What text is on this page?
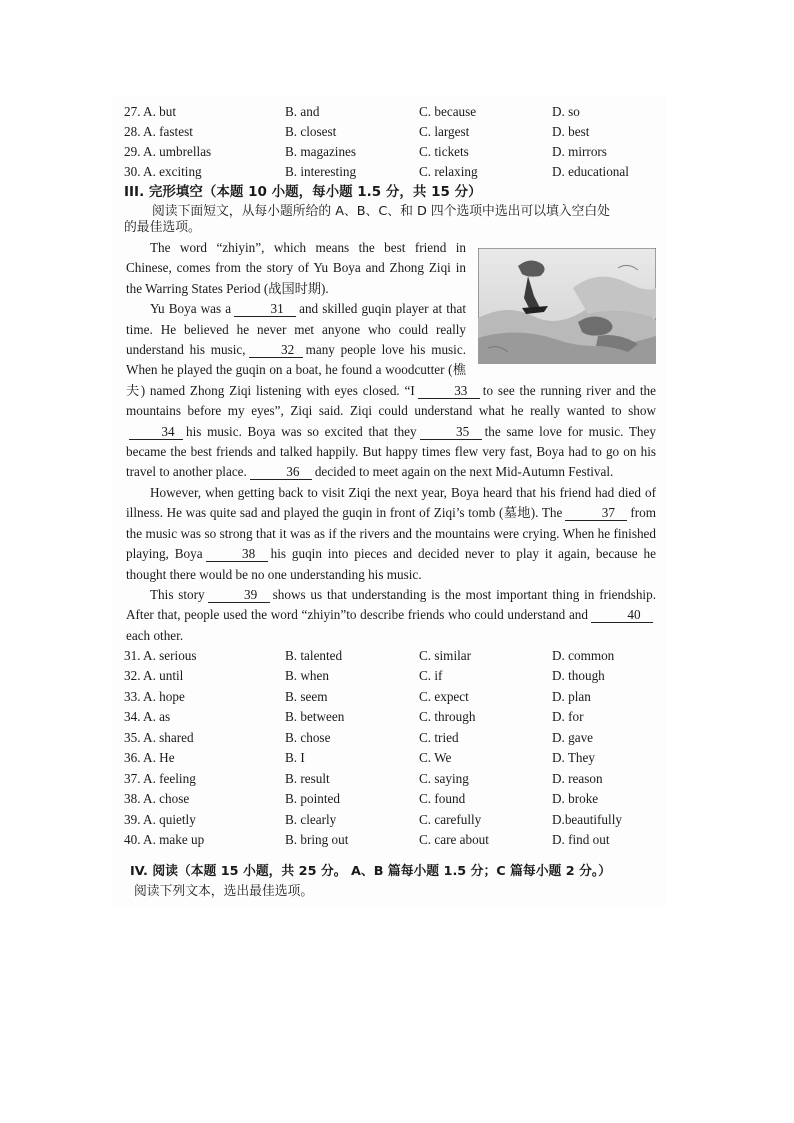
27. A. but	B. and	C. because	D. so
28. A. fastest	B. closest	C. largest	D. best
29. A. umbrellas	B. magazines	C. tickets	D. mirrors
30. A. exciting	B. interesting	C. relaxing	D. educational
III. 完形填空（本题 10 小题，每小题 1.5 分，共 15 分）
阅读下面短文，从每小题所给的 A、B、C、和 D 四个选项中选出可以填入空白处
的最佳选项。

The word “zhiyin”, which means the best friend in Chinese, comes from the story of Yu Boya and Zhong Ziqi in the Warring States Period (战国时期).

Yu Boya was a	31 and skilled guqin player at that time. He believed he never met anyone who could really understand his music,	32 many people love his music. When he played the guqin on a boat, he found a woodcutter (樵夫) named Zhong Ziqi listening with eyes closed. “I	33 to see the running river and the mountains before my eyes”, Ziqi said. Ziqi could understand what he really wanted to show34 his music. Boya was so excited that they	35 the same love for music. They became the best friends and talked happily. But happy times flew very fast, Boya had to go on his travel to another place.	36 decided to meet again on the next Mid-Autumn Festival.

However, when getting back to visit Ziqi the next year, Boya heard that his friend had died of illness. He was quite sad and played the guqin in front of Ziqi’s tomb (墓地). The	37 from the music was so strong that it was as if the rivers and the mountains were crying. When he finished playing, Boya	38 his guqin into pieces and decided never to play it again, because he thought there would be no one understanding his music.

This story	39 shows us that understanding is the most important thing in friendship. After that, people used the word “zhiyin”to describe friends who could understand and	40each other.

31. A. serious	B. talented	C. similar	D. common
32. A. until	B. when	C. if	D. though
33. A. hope	B. seem	C. expect	D. plan
34. A. as	B. between	C. through	D. for
35. A. shared	B. chose	C. tried	D. gave
36. A. He	B. I	C. We	D. They
37. A. feeling	B. result	C. saying	D. reason
38. A. chose	B. pointed	C. found	D. broke
39. A. quietly	B. clearly	C. carefully	D.beautifully
40. A. make up	B. bring out	C. care about	D. find out
IV. 阅读（本题 15 小题，共 25 分。 A、B 篇每小题 1.5 分；C 篇每小题 2 分。）
阅读下列文本，选出最佳选项。
